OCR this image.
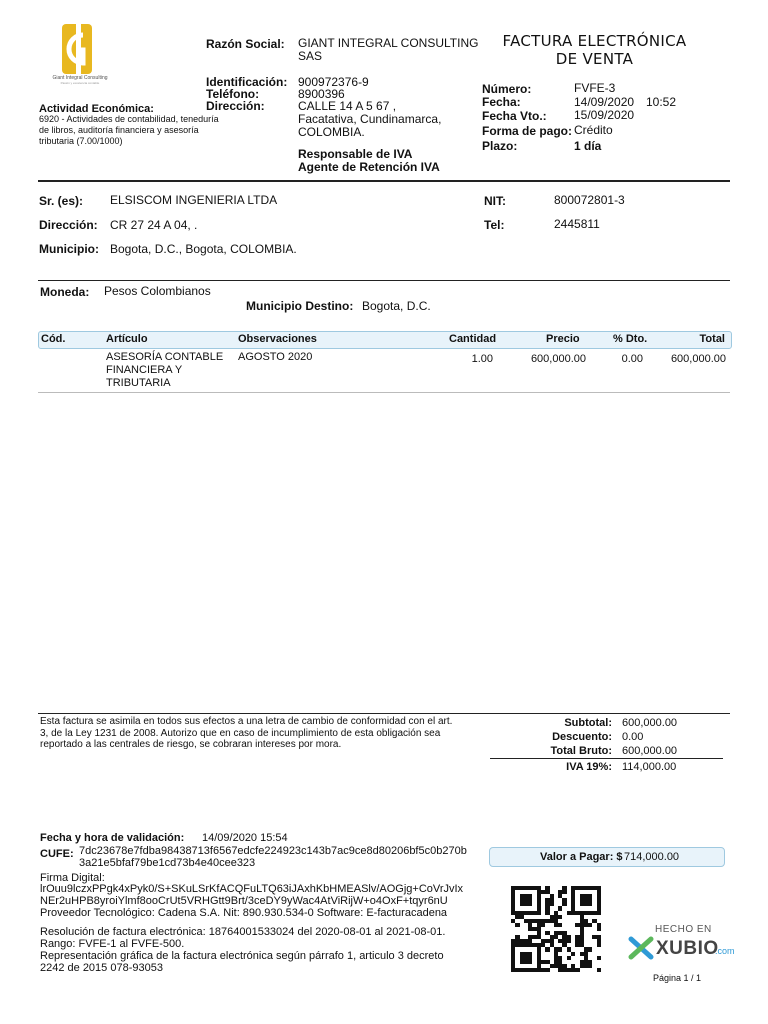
Giant Integral Consulting
Pasión y excelencia contable
Actividad Económica:
6920 - Actividades de contabilidad, teneduría de libros, auditoría financiera y asesoría tributaria (7.00/1000)
Razón Social: GIANT INTEGRAL CONSULTING SAS
Identificación: 900972376-9
Teléfono:	8900396
Dirección:	CALLE 14 A 5 67 , Facatativa, Cundinamarca, COLOMBIA.
Responsable de IVA
Agente de Retención IVA
FACTURA ELECTRÓNICA
DE VENTA
Número:	FVFE-3
Fecha:	14/09/2020 10:52
Fecha Vto.: 15/09/2020
Forma de pago: Crédito
Plazo:	1 día
Sr. (es): ELSISCOM INGENIERIA LTDA
Dirección: CR 27 24 A 04, .
Municipio: Bogota, D.C., Bogota, COLOMBIA.
NIT:	800072801-3
Tel:	2445811
Moneda: Pesos Colombianos
Municipio Destino: Bogota, D.C.
Cód.	Artículo	Observaciones	Cantidad	Precio	% Dto.	Total
ASESORÍA CONTABLE FINANCIERA Y TRIBUTARIA
AGOSTO 2020	1.00	600,000.00	0.00	600,000.00
Esta factura se asimila en todos sus efectos a una letra de cambio de conformidad con el art. 3, de la Ley 1231 de 2008. Autorizo que en caso de incumplimiento de esta obligación sea reportado a las centrales de riesgo, se cobraran intereses por mora.
Subtotal: 600,000.00
Descuento: 0.00
Total Bruto: 600,000.00
IVA 19%: 114,000.00
Fecha y hora de validación: 14/09/2020 15:54
CUFE: 7dc23678e7fdba98438713f6567edcfe224923c143b7ac9ce8d80206bf5c0b270b3a21e5bfaf79be1cd73b4e40cee323	Valor a Pagar: $ 714,000.00
Firma Digital:
lrOuu9lczxPPgk4xPyk0/S+SKuLSrKfACQFuLTQ63iJAxhKbHMEASlv/AOGjg+CoVrJvIxNEr2uHPB8yroiYlmf8ooCrUt5VRHGtt9Brt/3ceDY9yWac4AtViRijW+o4OxF+tqyr6nU
Proveedor Tecnológico: Cadena S.A. Nit: 890.930.534-0 Software: E-facturacadena
Resolución de factura electrónica: 18764001533024 del 2020-08-01 al 2021-08-01. Rango: FVFE-1 al FVFE-500.
Representación gráfica de la factura electrónica según párrafo 1, articulo 3 decreto 2242 de 2015 078-93053
HECHO EN
XUBIO
.com
Página 1 / 1
